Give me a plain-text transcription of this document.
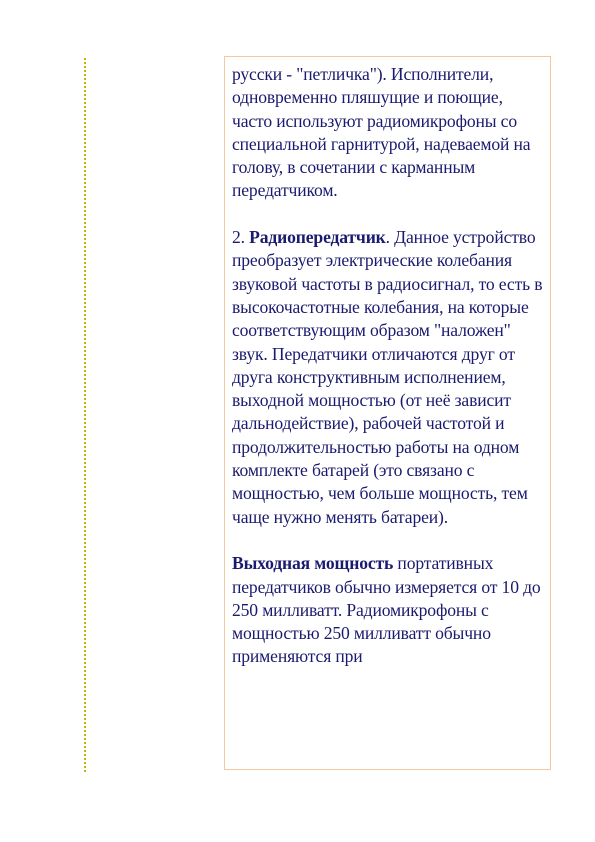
русски - "петличка"). Исполнители, одновременно пляшущие и поющие, часто используют радиомикрофоны со специальной гарнитурой, надеваемой на голову, в сочетании с карманным передатчиком.

2. Радиопередатчик. Данное устройство преобразует электрические колебания звуковой частоты в радиосигнал, то есть в высокочастотные колебания, на которые соответствующим образом "наложен" звук. Передатчики отличаются друг от друга конструктивным исполнением, выходной мощностью (от неё зависит дальнодействие), рабочей частотой и продолжительностью работы на одном комплекте батарей (это связано с мощностью, чем больше мощность, тем чаще нужно менять батареи).

Выходная мощность портативных передатчиков обычно измеряется от 10 до 250 милливатт. Радиомикрофоны с мощностью 250 милливатт обычно применяются при
